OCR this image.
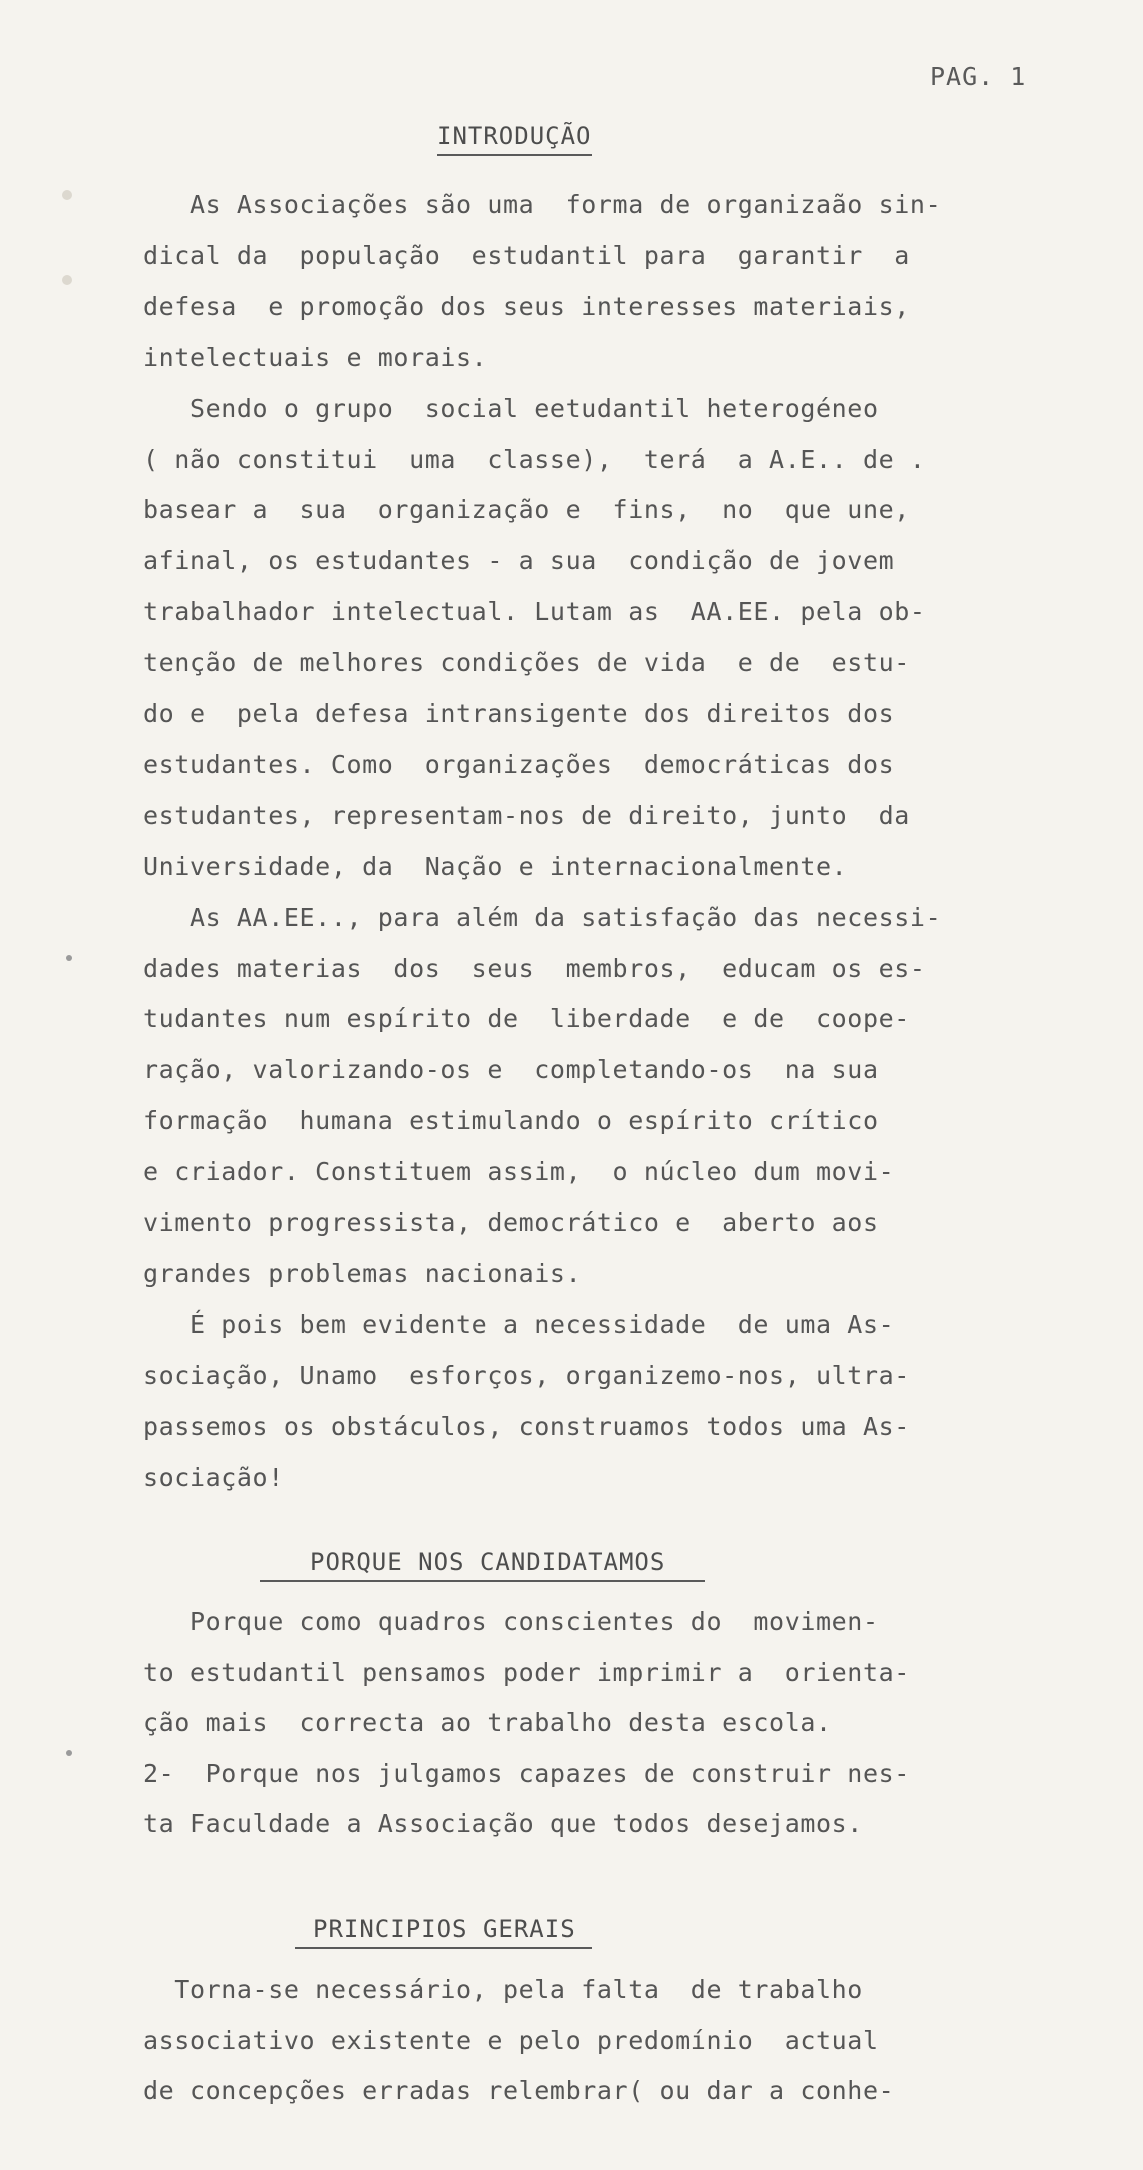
PAG. 1
INTRODUÇÃO
As Associações são uma  forma de organizaão sin-
dical da  população  estudantil para  garantir  a
defesa  e promoção dos seus interesses materiais,
intelectuais e morais.
Sendo o grupo  social eetudantil heterogéneo
( não constitui  uma  classe),  terá  a A.E.. de .
basear a  sua  organização e  fins,  no  que une,
afinal, os estudantes - a sua  condição de jovem
trabalhador intelectual. Lutam as  AA.EE. pela ob-
tenção de melhores condições de vida  e de  estu-
do e  pela defesa intransigente dos direitos dos
estudantes. Como  organizações  democráticas dos
estudantes, representam-nos de direito, junto  da
Universidade, da  Nação e internacionalmente.
As AA.EE.., para além da satisfação das necessi-
dades materias  dos  seus  membros,  educam os es-
tudantes num espírito de  liberdade  e de  coope-
ração, valorizando-os e  completando-os  na sua
formação  humana estimulando o espírito crítico
e criador. Constituem assim,  o núcleo dum movi-
vimento progressista, democrático e  aberto aos
grandes problemas nacionais.
É pois bem evidente a necessidade  de uma As-
sociação, Unamo  esforços, organizemo-nos, ultra-
passemos os obstáculos, construamos todos uma As-
sociação!
PORQUE NOS CANDIDATAMOS
Porque como quadros conscientes do  movimen-
to estudantil pensamos poder imprimir a  orienta-
ção mais  correcta ao trabalho desta escola.
2-  Porque nos julgamos capazes de construir nes-
ta Faculdade a Associação que todos desejamos.
PRINCIPIOS GERAIS
Torna-se necessário, pela falta  de trabalho
associativo existente e pelo predomínio  actual
de concepções erradas relembrar( ou dar a conhe-
